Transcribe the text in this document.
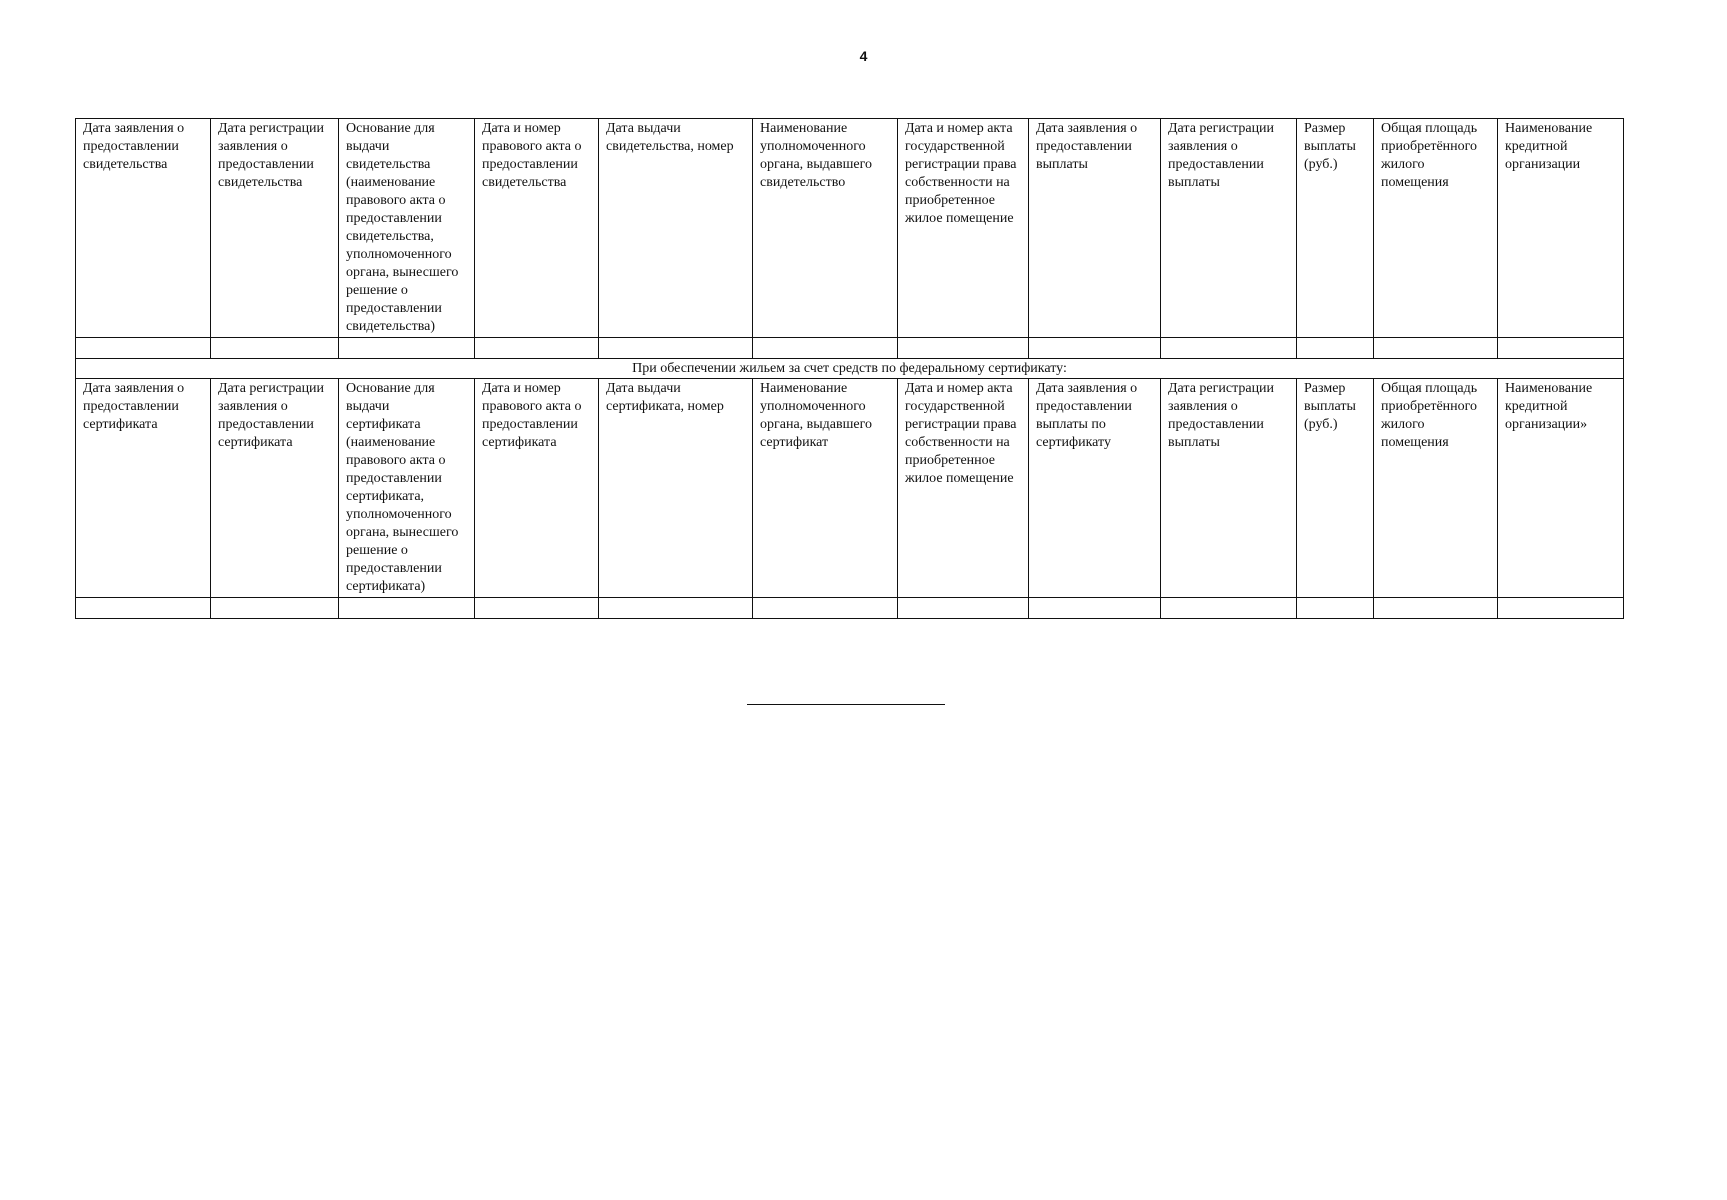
4
Дата заявления о предоставлении свидетельства	Дата регистрации заявления о предоставлении свидетельства	Основание для выдачи свидетельства (наименование правового акта о предоставлении свидетельства, уполномоченного органа, вынесшего решение о предоставлении свидетельства)	Дата и номер правового акта о предоставлении свидетельства	Дата выдачи свидетельства, номер	Наименование уполномоченного органа, выдавшего свидетельство	Дата и номер акта государственной регистрации права собственности на приобретенное жилое помещение	Дата заявления о предоставлении выплаты	Дата регистрации заявления о предоставлении выплаты	Размер выплаты (руб.)	Общая площадь приобретённого жилого помещения	Наименование кредитной организации

При обеспечении жильем за счет средств по федеральному сертификату:											
Дата заявления о предоставлении сертификата	Дата регистрации заявления о предоставлении сертификата	Основание для выдачи сертификата (наименование правового акта о предоставлении сертификата, уполномоченного органа, вынесшего решение о предоставлении сертификата)	Дата и номер правового акта о предоставлении сертификата	Дата выдачи сертификата, номер	Наименование уполномоченного органа, выдавшего сертификат	Дата и номер акта государственной регистрации права собственности на приобретенное жилое помещение	Дата заявления о предоставлении выплаты по сертификату	Дата регистрации заявления о предоставлении выплаты	Размер выплаты (руб.)	Общая площадь приобретённого жилого помещения	Наименование кредитной организации»
